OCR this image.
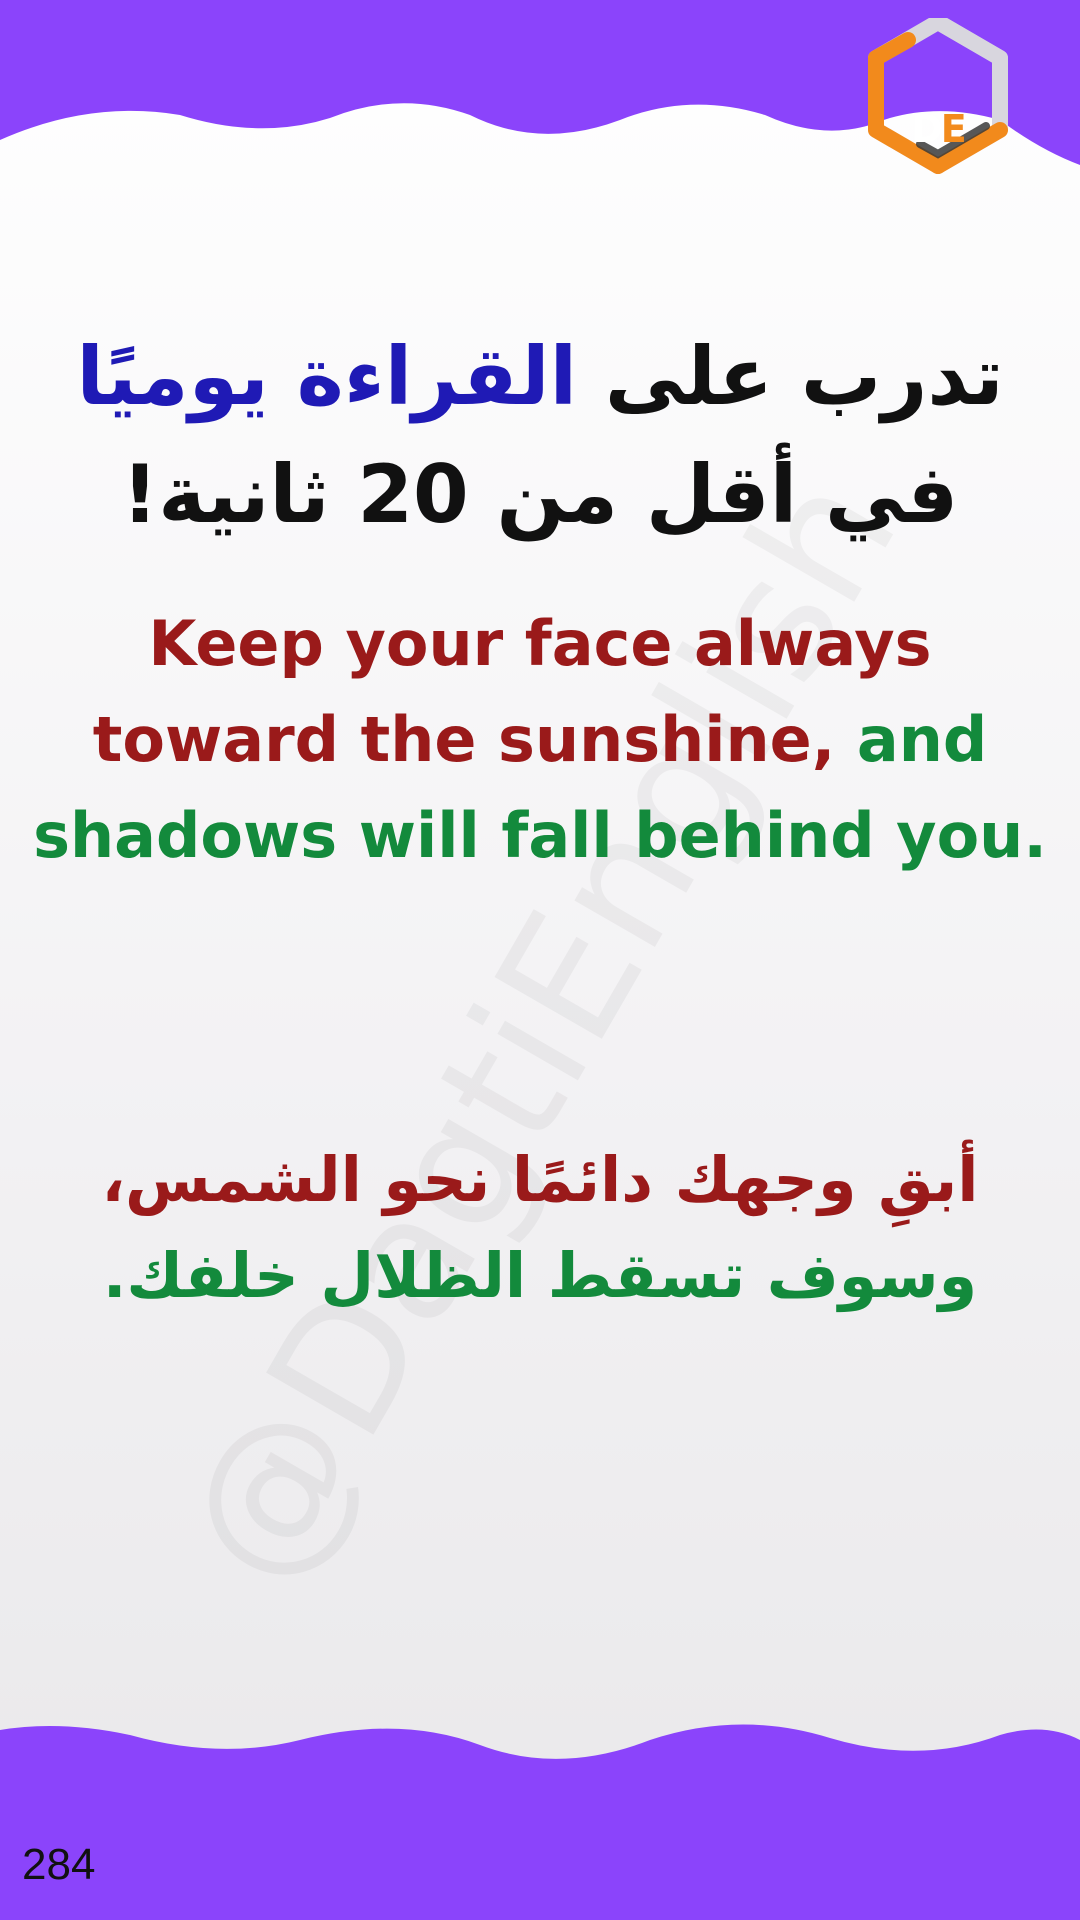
DE
تدرب على القراءة يوميًا في أقل من 20 ثانية!

Keep your face always toward the sunshine, and shadows will fall behind you.

أبقِ وجهك دائمًا نحو الشمس، وسوف تسقط الظلال خلفك.

284
